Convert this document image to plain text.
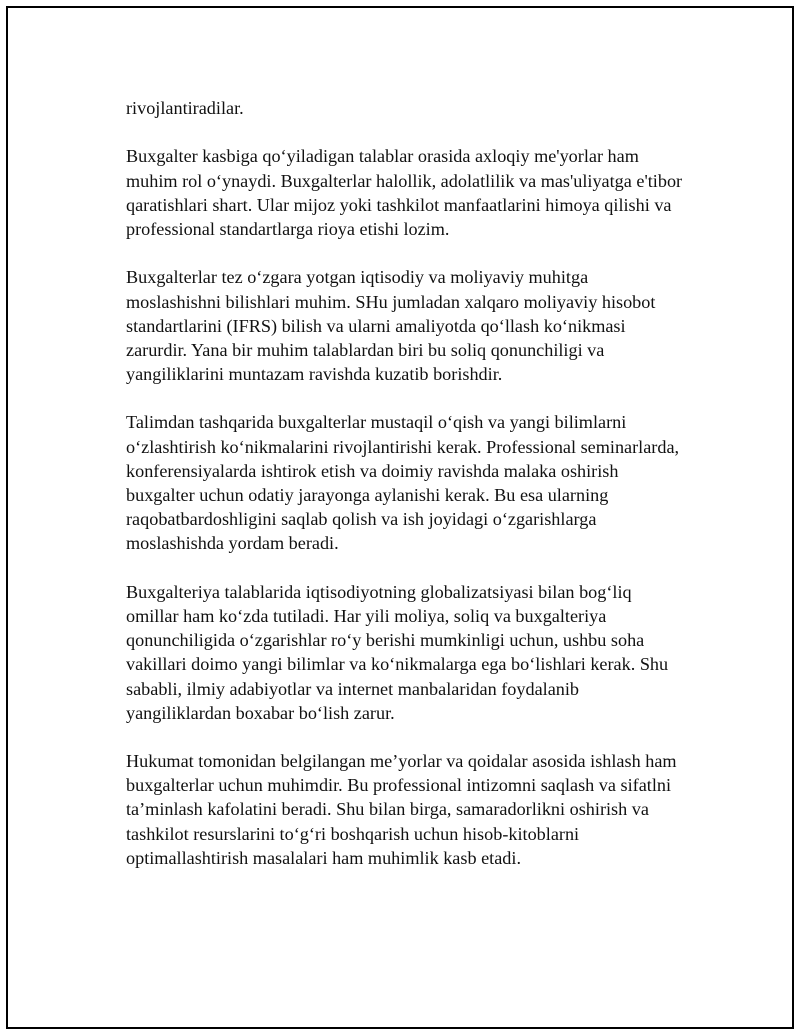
rivojlantiradilar.

Buxgalter kasbiga qo‘yiladigan talablar orasida axloqiy me'yorlar ham
muhim rol o‘ynaydi. Buxgalterlar halollik, adolatlilik va mas'uliyatga e'tibor
qaratishlari shart. Ular mijoz yoki tashkilot manfaatlarini himoya qilishi va
professional standartlarga rioya etishi lozim.

Buxgalterlar tez o‘zgara yotgan iqtisodiy va moliyaviy muhitga
moslashishni bilishlari muhim. SHu jumladan xalqaro moliyaviy hisobot
standartlarini (IFRS) bilish va ularni amaliyotda qo‘llash ko‘nikmasi
zarurdir. Yana bir muhim talablardan biri bu soliq qonunchiligi va
yangiliklarini muntazam ravishda kuzatib borishdir.

Talimdan tashqarida buxgalterlar mustaqil o‘qish va yangi bilimlarni
o‘zlashtirish ko‘nikmalarini rivojlantirishi kerak. Professional seminarlarda,
konferensiyalarda ishtirok etish va doimiy ravishda malaka oshirish
buxgalter uchun odatiy jarayonga aylanishi kerak. Bu esa ularning
raqobatbardoshligini saqlab qolish va ish joyidagi o‘zgarishlarga
moslashishda yordam beradi.

Buxgalteriya talablarida iqtisodiyotning globalizatsiyasi bilan bog‘liq
omillar ham ko‘zda tutiladi. Har yili moliya, soliq va buxgalteriya
qonunchiligida o‘zgarishlar ro‘y berishi mumkinligi uchun, ushbu soha
vakillari doimo yangi bilimlar va ko‘nikmalarga ega bo‘lishlari kerak. Shu
sababli, ilmiy adabiyotlar va internet manbalaridan foydalanib
yangiliklardan boxabar bo‘lish zarur.

Hukumat tomonidan belgilangan me’yorlar va qoidalar asosida ishlash ham
buxgalterlar uchun muhimdir. Bu professional intizomni saqlash va sifatlni
ta’minlash kafolatini beradi. Shu bilan birga, samaradorlikni oshirish va
tashkilot resurslarini to‘g‘ri boshqarish uchun hisob-kitoblarni
optimallashtirish masalalari ham muhimlik kasb etadi.
